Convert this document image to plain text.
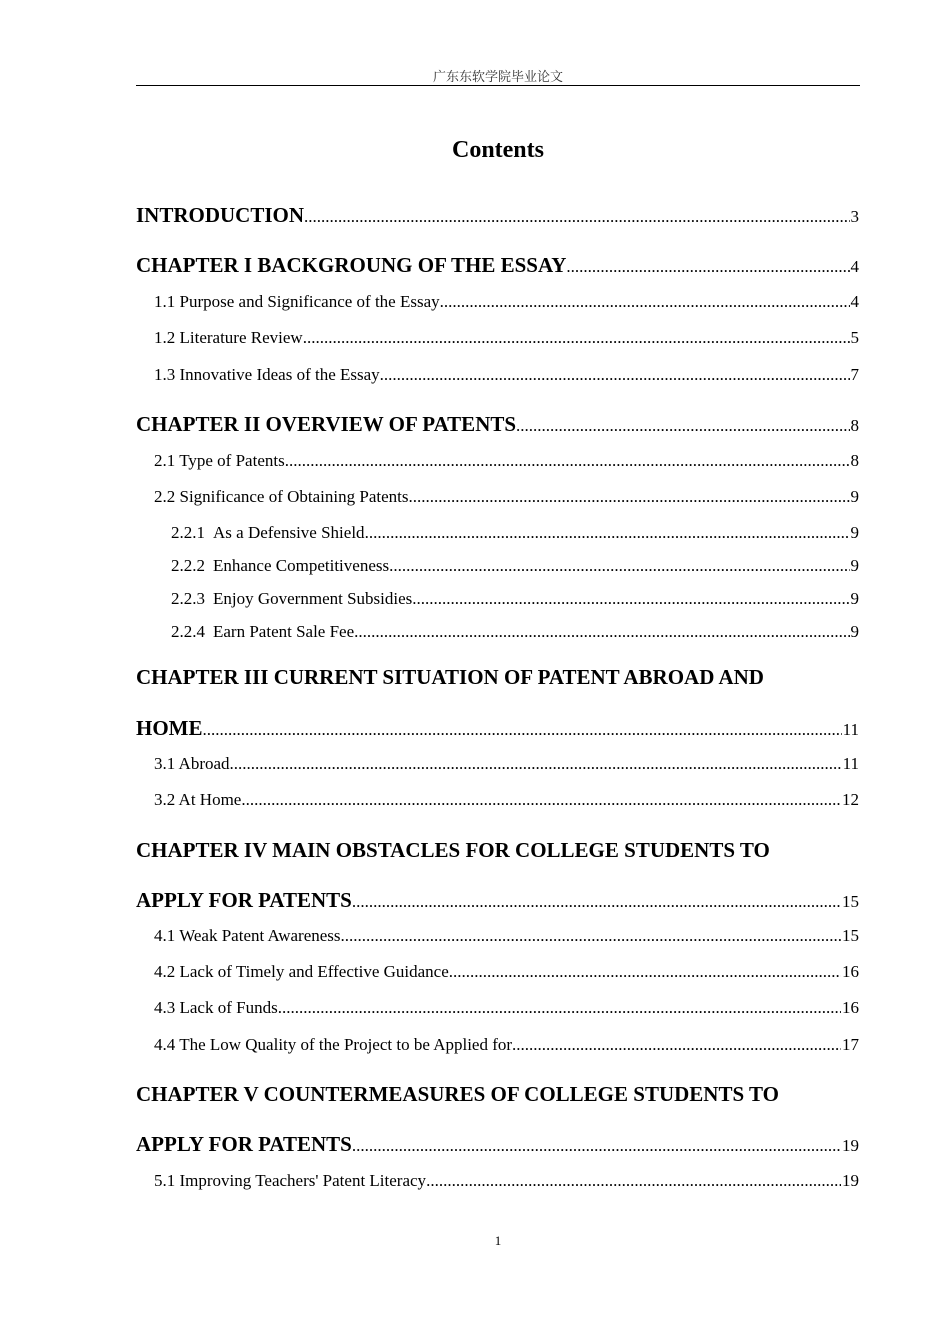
广东东软学院毕业论文
Contents
INTRODUCTION .....	3
CHAPTER I BACKGROUNG OF THE ESSAY .....	4
1.1 Purpose and Significance of the Essay .....	4
1.2 Literature Review .....	5
1.3 Innovative Ideas of the Essay .....	7
CHAPTER II OVERVIEW OF PATENTS .....	8
2.1 Type of Patents .....	8
2.2 Significance of Obtaining Patents .....	9
2.2.1 As a Defensive Shield .....	9
2.2.2 Enhance Competitiveness .....	9
2.2.3 Enjoy Government Subsidies .....	9
2.2.4 Earn Patent Sale Fee .....	9
CHAPTER III CURRENT SITUATION OF PATENT ABROAD AND
HOME .....	11
3.1 Abroad .....	11
3.2 At Home .....	12
CHAPTER IV MAIN OBSTACLES FOR COLLEGE STUDENTS TO
APPLY FOR PATENTS .....	15
4.1 Weak Patent Awareness .....	15
4.2 Lack of Timely and Effective Guidance .....	16
4.3 Lack of Funds .....	16
4.4 The Low Quality of the Project to be Applied for .....	17
CHAPTER V COUNTERMEASURES OF COLLEGE STUDENTS TO
APPLY FOR PATENTS .....	19
5.1 Improving Teachers' Patent Literacy .....	19
1
